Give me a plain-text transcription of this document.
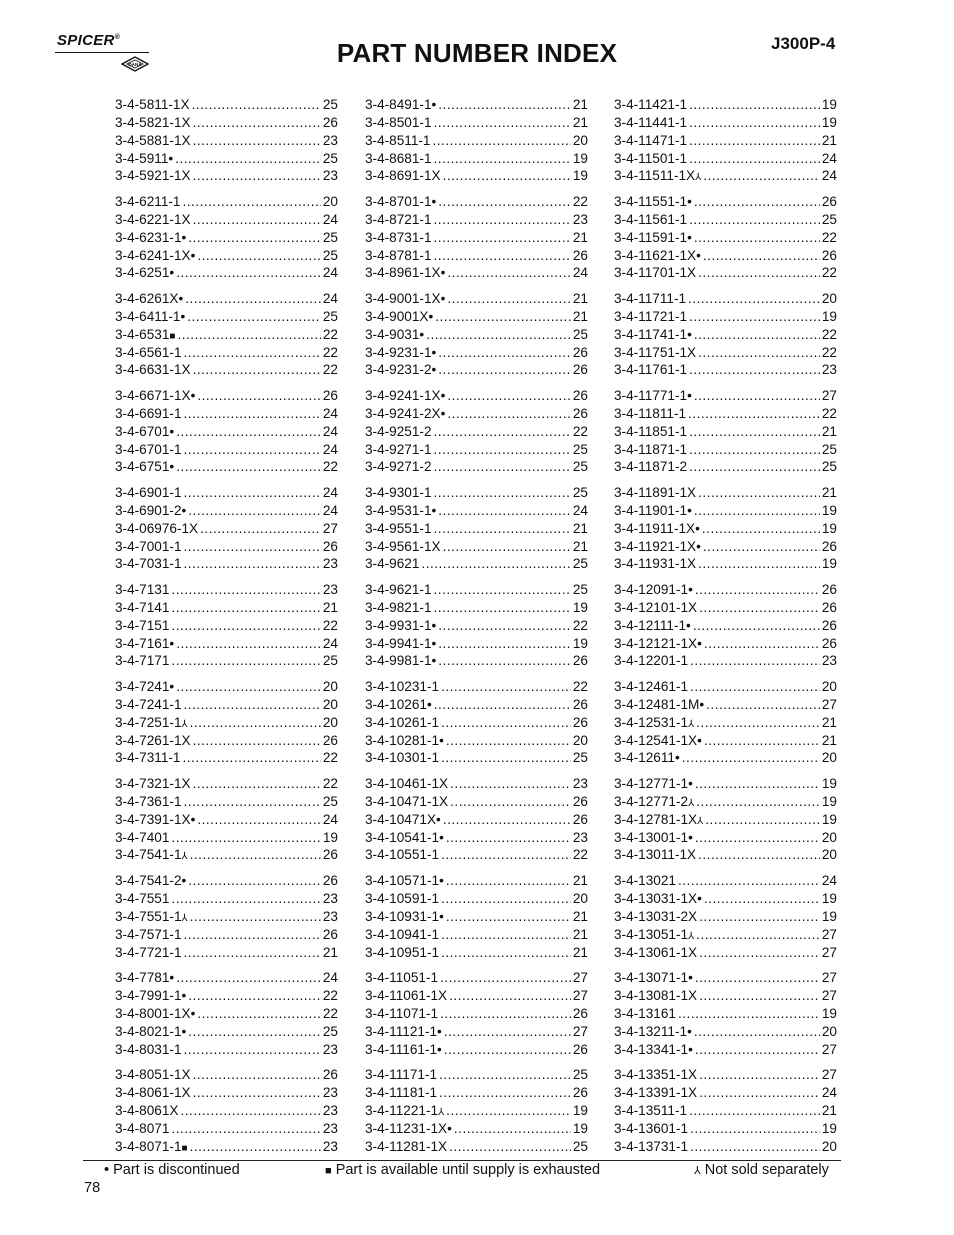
SPICER®
DANA	PART NUMBER INDEX	J300P-4
3-4-5811-1X .....	25
3-4-5821-1X .....	26
3-4-5881-1X .....	23
3-4-5911 • .....	25
3-4-5921-1X .....	23
3-4-6211-1 .....	20
3-4-6221-1X .....	24
3-4-6231-1 • .....	25
3-4-6241-1X • .....	25
3-4-6251 • .....	24
3-4-6261X • .....	24
3-4-6411-1 • .....	25
3-4-6531 ■ .....	22
3-4-6561-1 .....	22
3-4-6631-1X .....	22
3-4-6671-1X • .....	26
3-4-6691-1 .....	24
3-4-6701 • .....	24
3-4-6701-1 .....	24
3-4-6751 • .....	22
3-4-6901-1 .....	24
3-4-6901-2 • .....	24
3-4-06976-1X .....	27
3-4-7001-1 .....	26
3-4-7031-1 .....	23
3-4-7131 .....	23
3-4-7141 .....	21
3-4-7151 .....	22
3-4-7161 • .....	24
3-4-7171 .....	25
3-4-7241 • .....	20
3-4-7241-1 .....	20
3-4-7251-1 ⅄ .....	20
3-4-7261-1X .....	26
3-4-7311-1 .....	22
3-4-7321-1X .....	22
3-4-7361-1 .....	25
3-4-7391-1X • .....	24
3-4-7401 .....	19
3-4-7541-1 ⅄ .....	26
3-4-7541-2 • .....	26
3-4-7551 .....	23
3-4-7551-1 ⅄ .....	23
3-4-7571-1 .....	26
3-4-7721-1 .....	21
3-4-7781 • .....	24
3-4-7991-1 • .....	22
3-4-8001-1X • .....	22
3-4-8021-1 • .....	25
3-4-8031-1 .....	23
3-4-8051-1X .....	26
3-4-8061-1X .....	23
3-4-8061X .....	23
3-4-8071 .....	23
3-4-8071-1 ■ .....	23
3-4-8491-1 • .....	21
3-4-8501-1 .....	21
3-4-8511-1 .....	20
3-4-8681-1 .....	19
3-4-8691-1X .....	19
3-4-8701-1 • .....	22
3-4-8721-1 .....	23
3-4-8731-1 .....	21
3-4-8781-1 .....	26
3-4-8961-1X • .....	24
3-4-9001-1X • .....	21
3-4-9001X • .....	21
3-4-9031 • .....	25
3-4-9231-1 • .....	26
3-4-9231-2 • .....	26
3-4-9241-1X • .....	26
3-4-9241-2X • .....	26
3-4-9251-2 .....	22
3-4-9271-1 .....	25
3-4-9271-2 .....	25
3-4-9301-1 .....	25
3-4-9531-1 • .....	24
3-4-9551-1 .....	21
3-4-9561-1X .....	21
3-4-9621 .....	25
3-4-9621-1 .....	25
3-4-9821-1 .....	19
3-4-9931-1 • .....	22
3-4-9941-1 • .....	19
3-4-9981-1 • .....	26
3-4-10231-1 .....	22
3-4-10261 • .....	26
3-4-10261-1 .....	26
3-4-10281-1 • .....	20
3-4-10301-1 .....	25
3-4-10461-1X .....	23
3-4-10471-1X .....	26
3-4-10471X • .....	26
3-4-10541-1 • .....	23
3-4-10551-1 .....	22
3-4-10571-1 • .....	21
3-4-10591-1 .....	20
3-4-10931-1 • .....	21
3-4-10941-1 .....	21
3-4-10951-1 .....	21
3-4-11051-1 .....	27
3-4-11061-1X .....	27
3-4-11071-1 .....	26
3-4-11121-1 • .....	27
3-4-11161-1 • .....	26
3-4-11171-1 .....	25
3-4-11181-1 .....	26
3-4-11221-1 ⅄ .....	19
3-4-11231-1X • .....	19
3-4-11281-1X .....	25
3-4-11421-1 .....	19
3-4-11441-1 .....	19
3-4-11471-1 .....	21
3-4-11501-1 .....	24
3-4-11511-1X ⅄ .....	24
3-4-11551-1 • .....	26
3-4-11561-1 .....	25
3-4-11591-1 • .....	22
3-4-11621-1X • .....	26
3-4-11701-1X .....	22
3-4-11711-1 .....	20
3-4-11721-1 .....	19
3-4-11741-1 • .....	22
3-4-11751-1X .....	22
3-4-11761-1 .....	23
3-4-11771-1 • .....	27
3-4-11811-1 .....	22
3-4-11851-1 .....	21
3-4-11871-1 .....	25
3-4-11871-2 .....	25
3-4-11891-1X .....	21
3-4-11901-1 • .....	19
3-4-11911-1X • .....	19
3-4-11921-1X • .....	26
3-4-11931-1X .....	19
3-4-12091-1 • .....	26
3-4-12101-1X .....	26
3-4-12111-1 • .....	26
3-4-12121-1X • .....	26
3-4-12201-1 .....	23
3-4-12461-1 .....	20
3-4-12481-1M • .....	27
3-4-12531-1 ⅄ .....	21
3-4-12541-1X • .....	21
3-4-12611 • .....	20
3-4-12771-1 • .....	19
3-4-12771-2 ⅄ .....	19
3-4-12781-1X ⅄ .....	19
3-4-13001-1 • .....	20
3-4-13011-1X .....	20
3-4-13021 .....	24
3-4-13031-1X • .....	19
3-4-13031-2X .....	19
3-4-13051-1 ⅄ .....	27
3-4-13061-1X .....	27
3-4-13071-1 • .....	27
3-4-13081-1X .....	27
3-4-13161 .....	19
3-4-13211-1 • .....	20
3-4-13341-1 • .....	27
3-4-13351-1X .....	27
3-4-13391-1X .....	24
3-4-13511-1 .....	21
3-4-13601-1 .....	19
3-4-13731-1 .....	20
• Part is discontinued	■ Part is available until supply is exhausted	⅄ Not sold separately
78
